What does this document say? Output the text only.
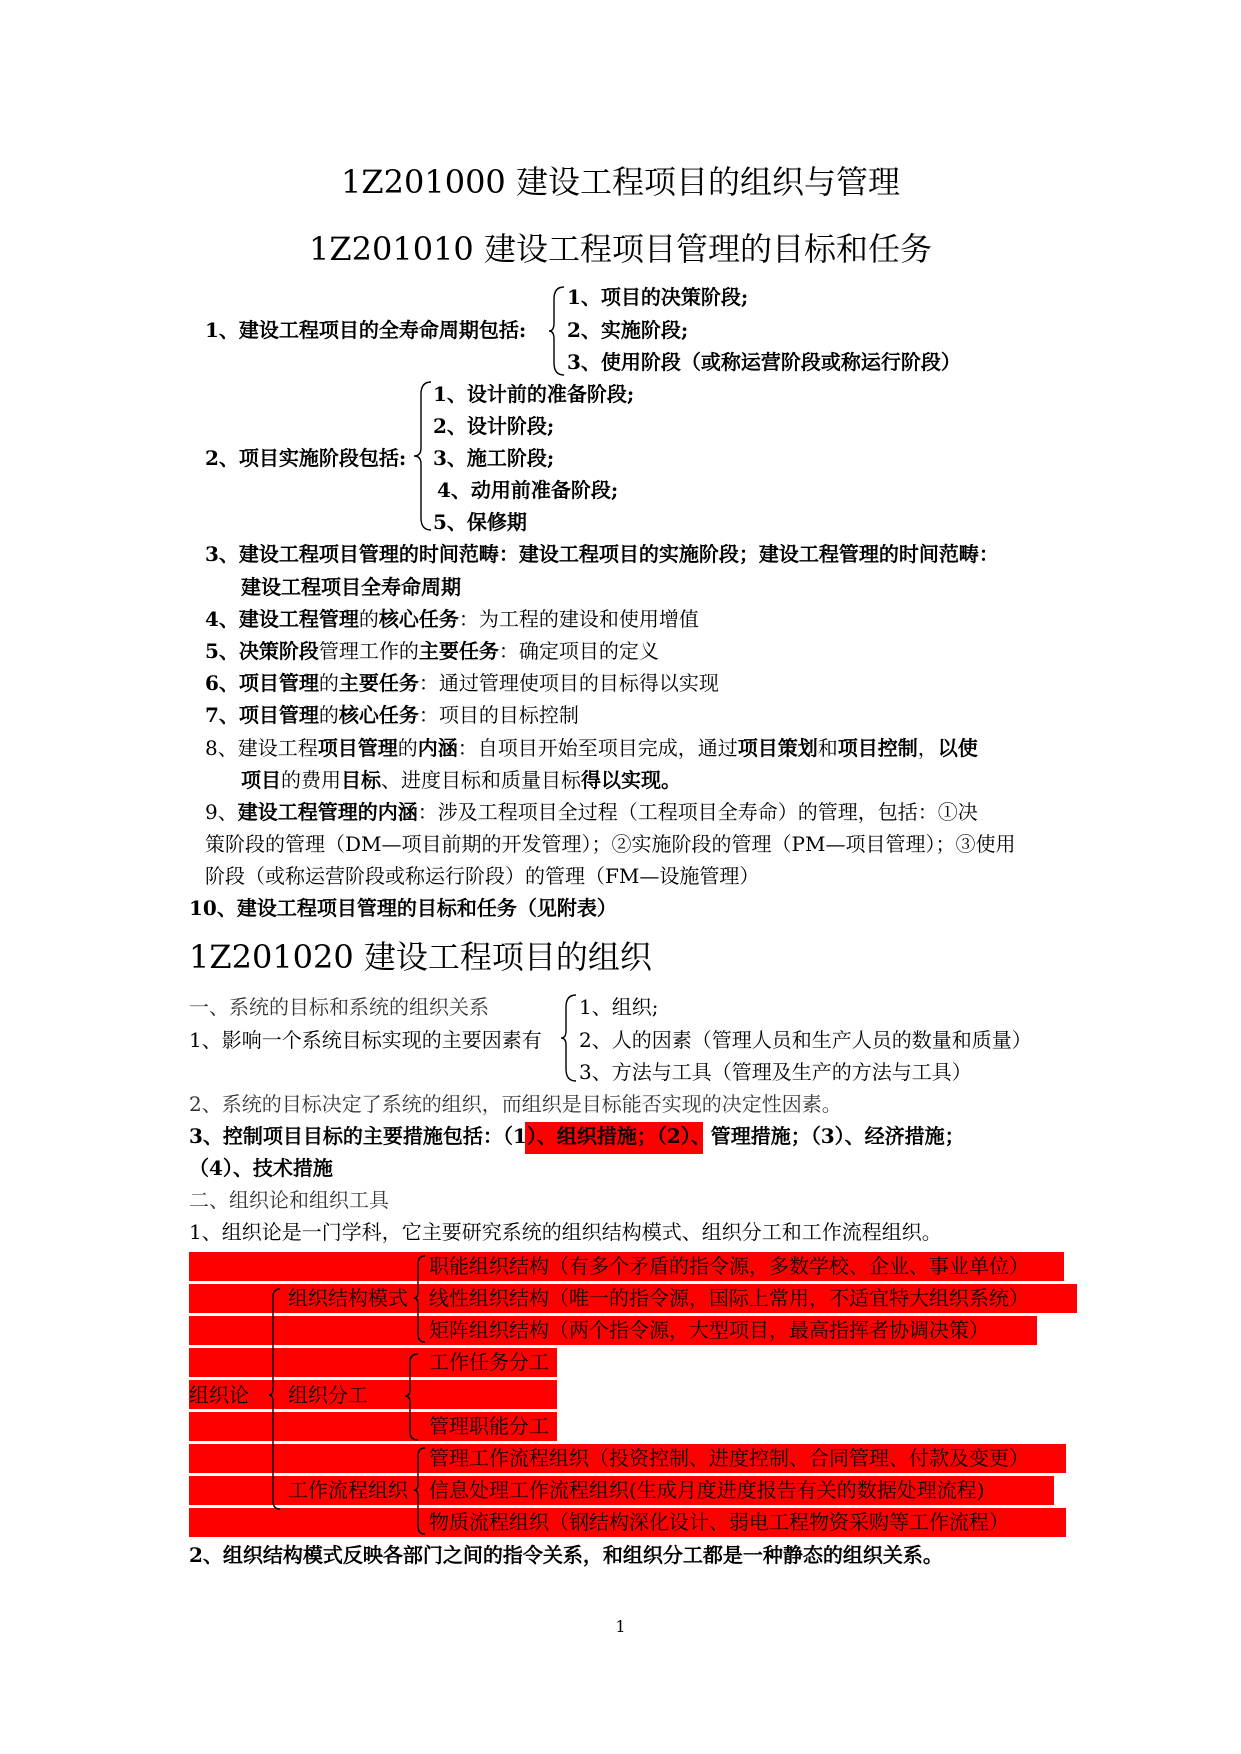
1Z201000 建设工程项目的组织与管理
1Z201010 建设工程项目管理的目标和任务
1、建设工程项目的全寿命周期包括:
1、项目的决策阶段;
2、实施阶段;
3、使用阶段（或称运营阶段或称运行阶段）
2、项目实施阶段包括:
1、设计前的准备阶段;
2、设计阶段;
3、施工阶段;
4、动用前准备阶段;
5、保修期
3、建设工程项目管理的时间范畴：建设工程项目的实施阶段；建设工程管理的时间范畴：
建设工程项目全寿命周期
4、建设工程管理的核心任务：为工程的建设和使用增值
5、决策阶段管理工作的主要任务：确定项目的定义
6、项目管理的主要任务：通过管理使项目的目标得以实现
7、项目管理的核心任务：项目的目标控制
8、建设工程项目管理的内涵：自项目开始至项目完成，通过项目策划和项目控制，以使
项目的费用目标、进度目标和质量目标得以实现。
9、建设工程管理的内涵：涉及工程项目全过程（工程项目全寿命）的管理，包括：①决
策阶段的管理（DM—项目前期的开发管理）；②实施阶段的管理（PM—项目管理）；③使用
阶段（或称运营阶段或称运行阶段）的管理（FM—设施管理）
10、建设工程项目管理的目标和任务（见附表）
1Z201020 建设工程项目的组织
一、系统的目标和系统的组织关系
1、影响一个系统目标实现的主要因素有
1、组织;
2、人的因素（管理人员和生产人员的数量和质量）
3、方法与工具（管理及生产的方法与工具）
2、系统的目标决定了系统的组织，而组织是目标能否实现的决定性因素。
3、控制项目目标的主要措施包括：（1）、组织措施；（2）、管理措施；（3）、经济措施；
（4）、技术措施
二、组织论和组织工具
1、组织论是一门学科，它主要研究系统的组织结构模式、组织分工和工作流程组织。
组织论
组织结构模式
组织分工
工作流程组织
职能组织结构（有多个矛盾的指令源，多数学校、企业、事业单位）
线性组织结构（唯一的指令源，国际上常用，不适宜特大组织系统）
矩阵组织结构（两个指令源，大型项目，最高指挥者协调决策）
工作任务分工
管理职能分工
管理工作流程组织（投资控制、进度控制、合同管理、付款及变更）
信息处理工作流程组织(生成月度进度报告有关的数据处理流程)
物质流程组织（钢结构深化设计、弱电工程物资采购等工作流程）
2、组织结构模式反映各部门之间的指令关系，和组织分工都是一种静态的组织关系。
1
